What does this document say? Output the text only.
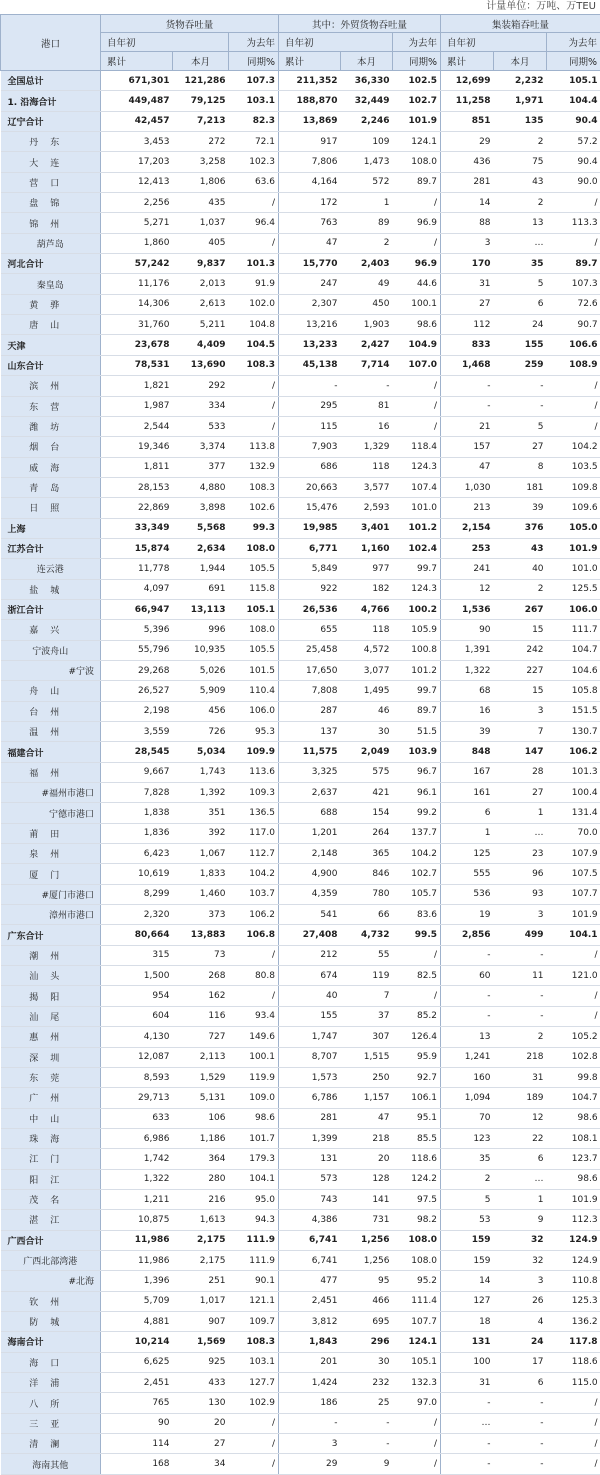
计量单位：万吨、万TEU
港口	货物吞吐量			其中：外贸货物吞吐量			集装箱吞吐量		
	自年初		为去年	自年初		为去年	自年初		为去年
	累计	本月	同期%	累计	本月	同期%	累计	本月	同期%
全国总计	671,301	121,286	107.3	211,352	36,330	102.5	12,699	2,232	105.1
1. 沿海合计	449,487	79,125	103.1	188,870	32,449	102.7	11,258	1,971	104.4
辽宁合计	42,457	7,213	82.3	13,869	2,246	101.9	851	135	90.4
丹东	3,453	272	72.1	917	109	124.1	29	2	57.2
大连	17,203	3,258	102.3	7,806	1,473	108.0	436	75	90.4
营口	12,413	1,806	63.6	4,164	572	89.7	281	43	90.0
盘锦	2,256	435	/	172	1	/	14	2	/
锦州	5,271	1,037	96.4	763	89	96.9	88	13	113.3
葫芦岛	1,860	405	/	47	2	/	3	…	/
河北合计	57,242	9,837	101.3	15,770	2,403	96.9	170	35	89.7
秦皇岛	11,176	2,013	91.9	247	49	44.6	31	5	107.3
黄骅	14,306	2,613	102.0	2,307	450	100.1	27	6	72.6
唐山	31,760	5,211	104.8	13,216	1,903	98.6	112	24	90.7
天津	23,678	4,409	104.5	13,233	2,427	104.9	833	155	106.6
山东合计	78,531	13,690	108.3	45,138	7,714	107.0	1,468	259	108.9
滨州	1,821	292	/	-	-	/	-	-	/
东营	1,987	334	/	295	81	/	-	-	/
潍坊	2,544	533	/	115	16	/	21	5	/
烟台	19,346	3,374	113.8	7,903	1,329	118.4	157	27	104.2
威海	1,811	377	132.9	686	118	124.3	47	8	103.5
青岛	28,153	4,880	108.3	20,663	3,577	107.4	1,030	181	109.8
日照	22,869	3,898	102.6	15,476	2,593	101.0	213	39	109.6
上海	33,349	5,568	99.3	19,985	3,401	101.2	2,154	376	105.0
江苏合计	15,874	2,634	108.0	6,771	1,160	102.4	253	43	101.9
连云港	11,778	1,944	105.5	5,849	977	99.7	241	40	101.0
盐城	4,097	691	115.8	922	182	124.3	12	2	125.5
浙江合计	66,947	13,113	105.1	26,536	4,766	100.2	1,536	267	106.0
嘉兴	5,396	996	108.0	655	118	105.9	90	15	111.7
宁波舟山	55,796	10,935	105.5	25,458	4,572	100.8	1,391	242	104.7
#宁波	29,268	5,026	101.5	17,650	3,077	101.2	1,322	227	104.6
舟山	26,527	5,909	110.4	7,808	1,495	99.7	68	15	105.8
台州	2,198	456	106.0	287	46	89.7	16	3	151.5
温州	3,559	726	95.3	137	30	51.5	39	7	130.7
福建合计	28,545	5,034	109.9	11,575	2,049	103.9	848	147	106.2
福州	9,667	1,743	113.6	3,325	575	96.7	167	28	101.3
#福州市港口	7,828	1,392	109.3	2,637	421	96.1	161	27	100.4
宁德市港口	1,838	351	136.5	688	154	99.2	6	1	131.4
莆田	1,836	392	117.0	1,201	264	137.7	1	…	70.0
泉州	6,423	1,067	112.7	2,148	365	104.2	125	23	107.9
厦门	10,619	1,833	104.2	4,900	846	102.7	555	96	107.5
#厦门市港口	8,299	1,460	103.7	4,359	780	105.7	536	93	107.7
漳州市港口	2,320	373	106.2	541	66	83.6	19	3	101.9
广东合计	80,664	13,883	106.8	27,408	4,732	99.5	2,856	499	104.1
潮州	315	73	/	212	55	/	-	-	/
汕头	1,500	268	80.8	674	119	82.5	60	11	121.0
揭阳	954	162	/	40	7	/	-	-	/
汕尾	604	116	93.4	155	37	85.2	-	-	/
惠州	4,130	727	149.6	1,747	307	126.4	13	2	105.2
深圳	12,087	2,113	100.1	8,707	1,515	95.9	1,241	218	102.8
东莞	8,593	1,529	119.9	1,573	250	92.7	160	31	99.8
广州	29,713	5,131	109.0	6,786	1,157	106.1	1,094	189	104.7
中山	633	106	98.6	281	47	95.1	70	12	98.6
珠海	6,986	1,186	101.7	1,399	218	85.5	123	22	108.1
江门	1,742	364	179.3	131	20	118.6	35	6	123.7
阳江	1,322	280	104.1	573	128	124.2	2	…	98.6
茂名	1,211	216	95.0	743	141	97.5	5	1	101.9
湛江	10,875	1,613	94.3	4,386	731	98.2	53	9	112.3
广西合计	11,986	2,175	111.9	6,741	1,256	108.0	159	32	124.9
广西北部湾港	11,986	2,175	111.9	6,741	1,256	108.0	159	32	124.9
#北海	1,396	251	90.1	477	95	95.2	14	3	110.8
钦州	5,709	1,017	121.1	2,451	466	111.4	127	26	125.3
防城	4,881	907	109.7	3,812	695	107.7	18	4	136.2
海南合计	10,214	1,569	108.3	1,843	296	124.1	131	24	117.8
海口	6,625	925	103.1	201	30	105.1	100	17	118.6
洋浦	2,451	433	127.7	1,424	232	132.3	31	6	115.0
八所	765	130	102.9	186	25	97.0	-	-	/
三亚	90	20	/	-	-	/	…	-	/
清澜	114	27	/	3	-	/	-	-	/
海南其他	168	34	/	29	9	/	-	-	/
